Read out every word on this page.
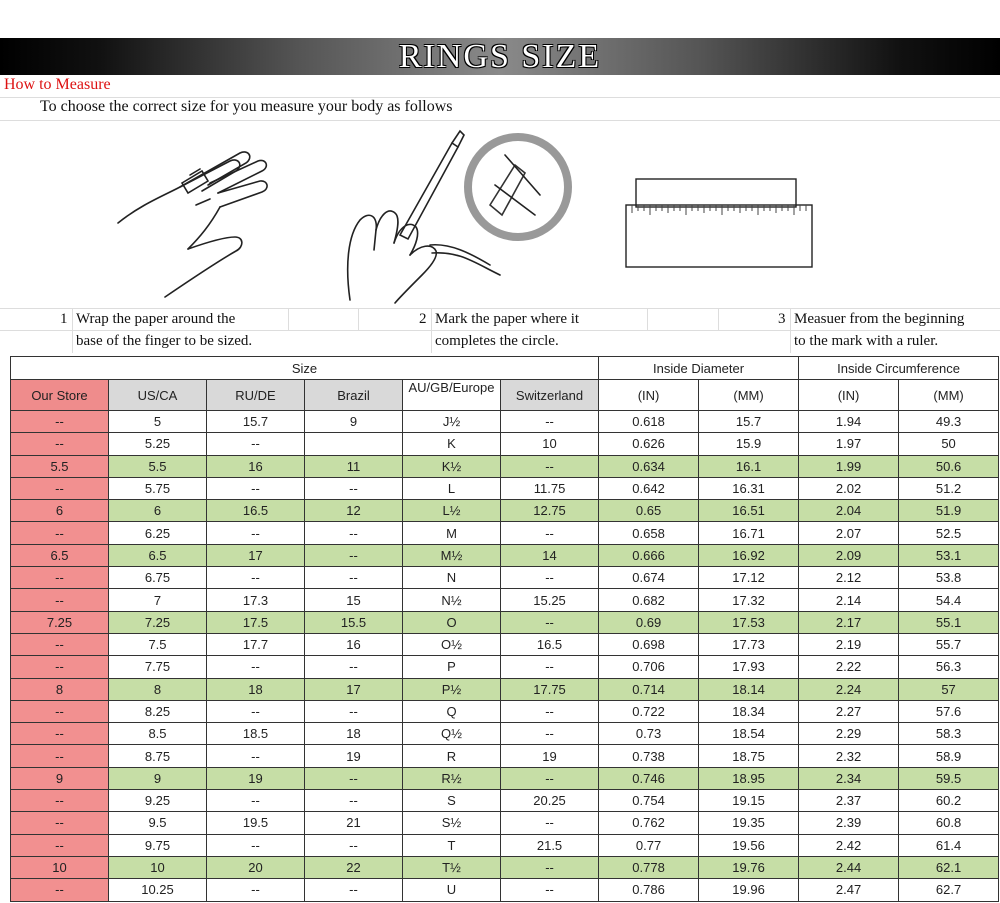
RINGS SIZE
How to Measure
To choose the correct size for you measure your body as follows
1 Wrap the paper around the
base of the finger to be sized.
2 Mark the paper where it
completes the circle.
3 Measuer from the beginning
to the mark with a ruler.
Size						Inside Diameter		Inside Circumference	
Our Store	US/CA	RU/DE	Brazil	AU/GB/Europe	Switzerland	(IN)	(MM)	(IN)	(MM)
--	5	15.7	9	J½	--	0.618	15.7	1.94	49.3
--	5.25	--		K	10	0.626	15.9	1.97	50
5.5	5.5	16	11	K½	--	0.634	16.1	1.99	50.6
--	5.75	--	--	L	11.75	0.642	16.31	2.02	51.2
6	6	16.5	12	L½	12.75	0.65	16.51	2.04	51.9
--	6.25	--	--	M	--	0.658	16.71	2.07	52.5
6.5	6.5	17	--	M½	14	0.666	16.92	2.09	53.1
--	6.75	--	--	N	--	0.674	17.12	2.12	53.8
--	7	17.3	15	N½	15.25	0.682	17.32	2.14	54.4
7.25	7.25	17.5	15.5	O	--	0.69	17.53	2.17	55.1
--	7.5	17.7	16	O½	16.5	0.698	17.73	2.19	55.7
--	7.75	--	--	P	--	0.706	17.93	2.22	56.3
8	8	18	17	P½	17.75	0.714	18.14	2.24	57
--	8.25	--	--	Q	--	0.722	18.34	2.27	57.6
--	8.5	18.5	18	Q½	--	0.73	18.54	2.29	58.3
--	8.75	--	19	R	19	0.738	18.75	2.32	58.9
9	9	19	--	R½	--	0.746	18.95	2.34	59.5
--	9.25	--	--	S	20.25	0.754	19.15	2.37	60.2
--	9.5	19.5	21	S½	--	0.762	19.35	2.39	60.8
--	9.75	--	--	T	21.5	0.77	19.56	2.42	61.4
10	10	20	22	T½	--	0.778	19.76	2.44	62.1
--	10.25	--	--	U	--	0.786	19.96	2.47	62.7
